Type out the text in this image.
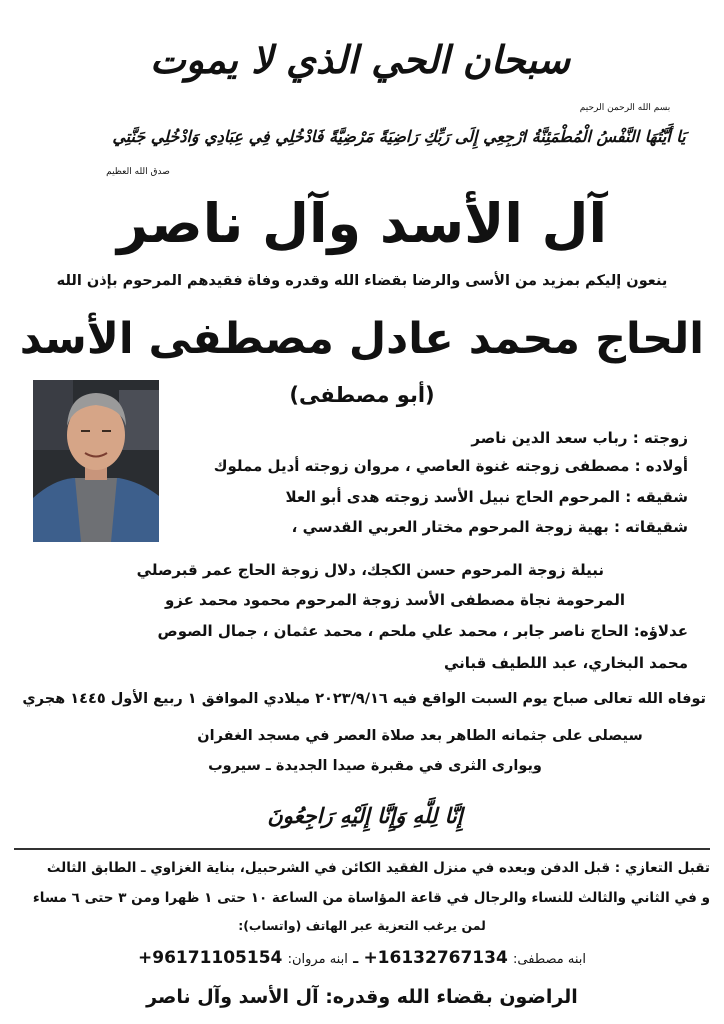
سبحان الحي الذي لا يموت
بسم الله الرحمن الرحيم
يَا أَيَّتُهَا النَّفْسُ الْمُطْمَئِنَّةُ ارْجِعِي إِلَى رَبِّكِ رَاضِيَةً مَرْضِيَّةً فَادْخُلِي فِي عِبَادِي وَادْخُلِي جَنَّتِي
صدق الله العظيم
آل الأسد وآل ناصر
ينعون إليكم بمزيد من الأسى والرضا بقضاء الله وقدره وفاة فقيدهم المرحوم بإذن الله
الحاج محمد عادل مصطفى الأسد
(أبو مصطفى)
زوجته : رباب سعد الدين ناصر
أولاده : مصطفى زوجته غنوة العاصي ، مروان زوجته أديل مملوك
شقيقه : المرحوم الحاج نبيل الأسد زوجته هدى أبو العلا
شقيقاته : بهية زوجة المرحوم مختار العربي القدسي ،
نبيلة زوجة المرحوم حسن الكجك، دلال زوجة الحاج عمر قبرصلي
المرحومة نجاة مصطفى الأسد زوجة المرحوم محمود محمد عزو
عدلاؤه: الحاج ناصر جابر ، محمد علي ملحم ، محمد عثمان ، جمال الصوص
محمد البخاري، عبد اللطيف قباني
توفاه الله تعالى صباح يوم السبت الواقع فيه ٢٠٢٣/٩/١٦ ميلادي الموافق ١ ربيع الأول ١٤٤٥ هجري
سيصلى على جثمانه الطاهر بعد صلاة العصر في مسجد الغفران
ويوارى الثرى في مقبرة صيدا الجديدة ـ سيروب
إِنَّا لِلَّهِ وَإِنَّا إِلَيْهِ رَاجِعُونَ
تقبل التعازي : قبل الدفن وبعده في منزل الفقيد الكائن في الشرحبيل، بناية الغزاوي ـ الطابق الثالث
و في الثاني والثالث للنساء والرجال في قاعة المؤاساة من الساعة ١٠ حتى ١ ظهرا ومن ٣ حتى ٦ مساء
لمن يرغب التعزية عبر الهاتف (واتساب):
ابنه مصطفى: +16132767134 ـ ابنه مروان: +96171105154
الراضون بقضاء الله وقدره: آل الأسد وآل ناصر
